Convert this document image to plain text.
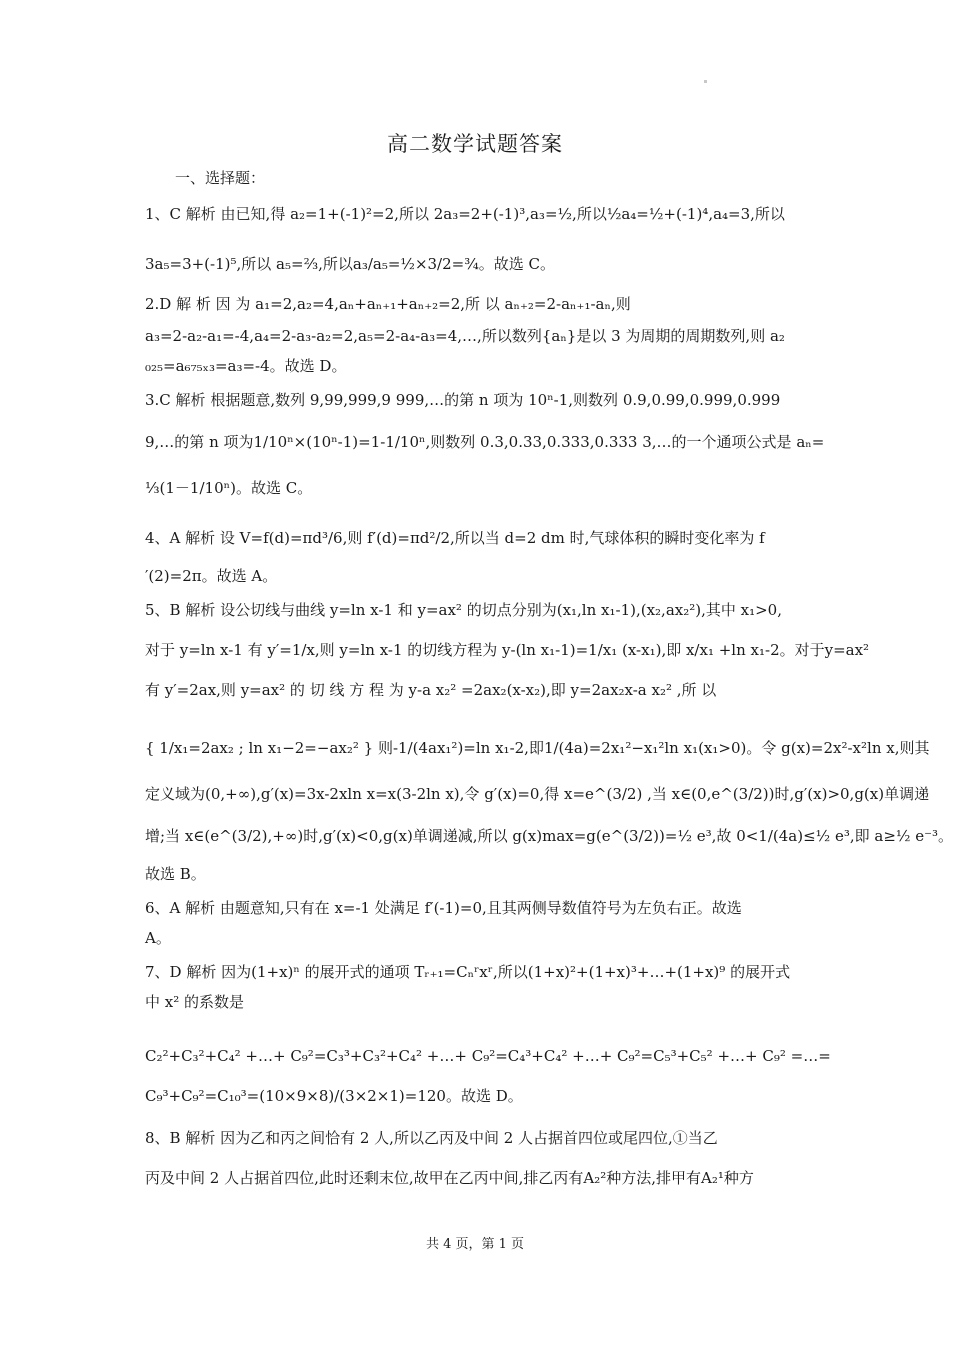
高二数学试题答案
一、选择题：
1、C 解析 由已知,得 a₂=1+(-1)²=2,所以 2a₃=2+(-1)³,a₃=½,所以½a₄=½+(-1)⁴,a₄=3,所以
3a₅=3+(-1)⁵,所以 a₅=⅔,所以a₃/a₅=½×3/2=¾。故选 C。
2.D 解 析 因 为 a₁=2,a₂=4,aₙ+aₙ₊₁+aₙ₊₂=2,所 以 aₙ₊₂=2-aₙ₊₁-aₙ,则
a₃=2-a₂-a₁=-4,a₄=2-a₃-a₂=2,a₅=2-a₄-a₃=4,…,所以数列{aₙ}是以 3 为周期的周期数列,则 a₂
₀₂₅=a₆₇₅ₓ₃=a₃=-4。故选 D。
3.C 解析 根据题意,数列 9,99,999,9 999,…的第 n 项为 10ⁿ-1,则数列 0.9,0.99,0.999,0.999
9,…的第 n 项为1/10ⁿ×(10ⁿ-1)=1-1/10ⁿ,则数列 0.3,0.33,0.333,0.333 3,…的一个通项公式是 aₙ=
⅓(1－1/10ⁿ)。故选 C。
4、A 解析 设 V=f(d)=πd³/6,则 f′(d)=πd²/2,所以当 d=2 dm 时,气球体积的瞬时变化率为 f
′(2)=2π。故选 A。
5、B 解析 设公切线与曲线 y=ln x-1 和 y=ax² 的切点分别为(x₁,ln x₁-1),(x₂,ax₂²),其中 x₁>0,
对于 y=ln x-1 有 y′=1/x,则 y=ln x-1 的切线方程为 y-(ln x₁-1)=1/x₁ (x-x₁),即 x/x₁ +ln x₁-2。对于y=ax²
有 y′=2ax,则 y=ax² 的 切 线 方 程 为 y-a x₂² =2ax₂(x-x₂),即 y=2ax₂x-a x₂² ,所 以
{ 1/x₁=2ax₂ ; ln x₁−2=−ax₂² } 则-1/(4ax₁²)=ln x₁-2,即1/(4a)=2x₁²−x₁²ln x₁(x₁>0)。令 g(x)=2x²-x²ln x,则其
定义域为(0,+∞),g′(x)=3x-2xln x=x(3-2ln x),令 g′(x)=0,得 x=e^(3/2) ,当 x∈(0,e^(3/2))时,g′(x)>0,g(x)单调递
增;当 x∈(e^(3/2),+∞)时,g′(x)<0,g(x)单调递减,所以 g(x)max=g(e^(3/2))=½ e³,故 0<1/(4a)≤½ e³,即 a≥½ e⁻³。
故选 B。
6、A 解析 由题意知,只有在 x=-1 处满足 f′(-1)=0,且其两侧导数值符号为左负右正。故选
A。
7、D 解析 因为(1+x)ⁿ 的展开式的通项 Tᵣ₊₁=Cₙʳxʳ,所以(1+x)²+(1+x)³+…+(1+x)⁹ 的展开式
中 x² 的系数是
C₂²+C₃²+C₄² +…+ C₉²=C₃³+C₃²+C₄² +…+ C₉²=C₄³+C₄² +…+ C₉²=C₅³+C₅² +…+ C₉² =…=
C₉³+C₉²=C₁₀³=(10×9×8)/(3×2×1)=120。故选 D。
8、B 解析 因为乙和丙之间恰有 2 人,所以乙丙及中间 2 人占据首四位或尾四位,①当乙
丙及中间 2 人占据首四位,此时还剩末位,故甲在乙丙中间,排乙丙有A₂²种方法,排甲有A₂¹种方
共 4 页，第 1 页
